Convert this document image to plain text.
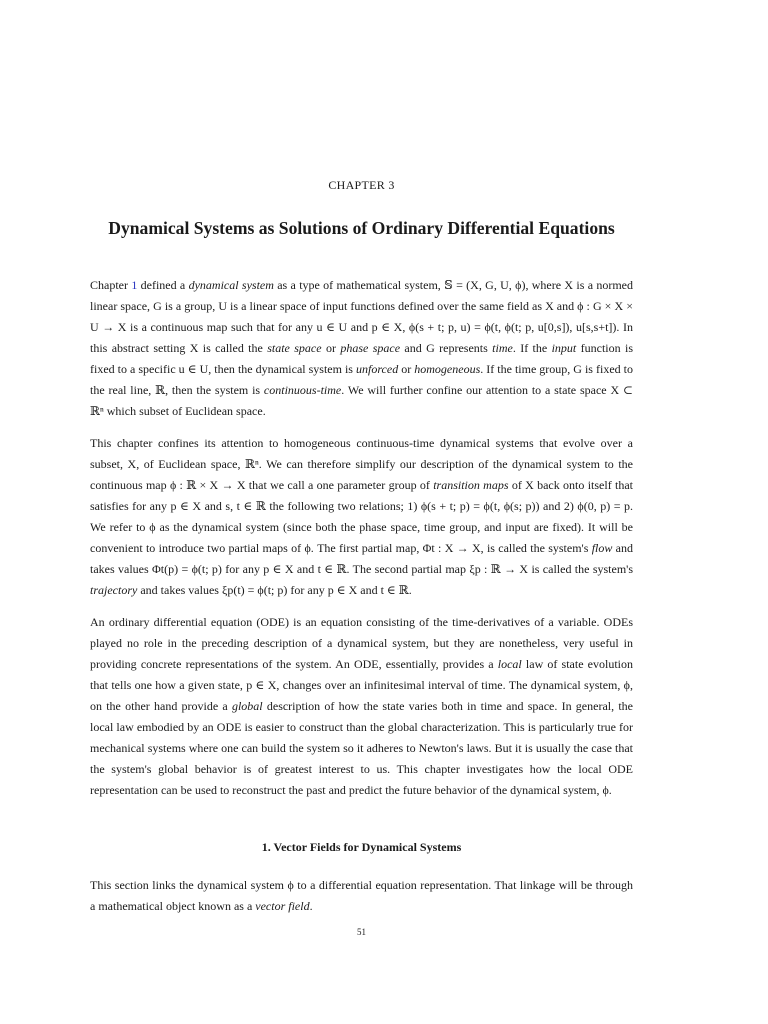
CHAPTER 3
Dynamical Systems as Solutions of Ordinary Differential Equations

Chapter 1 defined a dynamical system as a type of mathematical system, 𝕊 = (X, G, U, ϕ), where X is a normed linear space, G is a group, U is a linear space of input functions defined over the same field as X and ϕ : G × X × U → X is a continuous map such that for any u ∈ U and p ∈ X, ϕ(s + t; p, u) = ϕ(t, ϕ(t; p, u[0,s]), u[s,s+t]). In this abstract setting X is called the state space or phase space and G represents time. If the input function is fixed to a specific u ∈ U, then the dynamical system is unforced or homogeneous. If the time group, G is fixed to the real line, ℝ, then the system is continuous-time. We will further confine our attention to a state space X ⊂ ℝⁿ which subset of Euclidean space.

This chapter confines its attention to homogeneous continuous-time dynamical systems that evolve over a subset, X, of Euclidean space, ℝⁿ. We can therefore simplify our description of the dynamical system to the continuous map ϕ : ℝ × X → X that we call a one parameter group of transition maps of X back onto itself that satisfies for any p ∈ X and s, t ∈ ℝ the following two relations; 1) ϕ(s + t; p) = ϕ(t, ϕ(s; p)) and 2) ϕ(0, p) = p. We refer to ϕ as the dynamical system (since both the phase space, time group, and input are fixed). It will be convenient to introduce two partial maps of ϕ. The first partial map, Φt : X → X, is called the system's flow and takes values Φt(p) = ϕ(t; p) for any p ∈ X and t ∈ ℝ. The second partial map ξp : ℝ → X is called the system's trajectory and takes values ξp(t) = ϕ(t; p) for any p ∈ X and t ∈ ℝ.

An ordinary differential equation (ODE) is an equation consisting of the time-derivatives of a variable. ODEs played no role in the preceding description of a dynamical system, but they are nonetheless, very useful in providing concrete representations of the system. An ODE, essentially, provides a local law of state evolution that tells one how a given state, p ∈ X, changes over an infinitesimal interval of time. The dynamical system, ϕ, on the other hand provide a global description of how the state varies both in time and space. In general, the local law embodied by an ODE is easier to construct than the global characterization. This is particularly true for mechanical systems where one can build the system so it adheres to Newton's laws. But it is usually the case that the system's global behavior is of greatest interest to us. This chapter investigates how the local ODE representation can be used to reconstruct the past and predict the future behavior of the dynamical system, ϕ.

1. Vector Fields for Dynamical Systems

This section links the dynamical system ϕ to a differential equation representation. That linkage will be through a mathematical object known as a vector field.

51
